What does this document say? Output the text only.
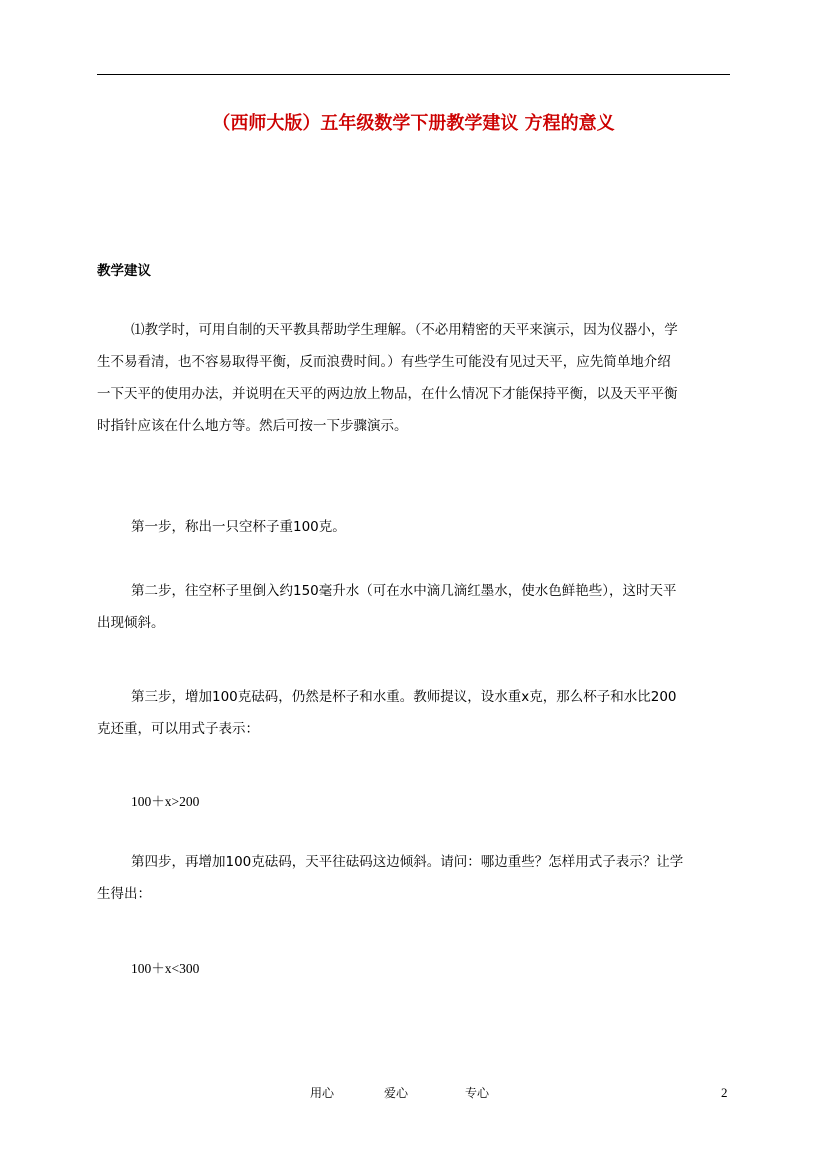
（西师大版）五年级数学下册教学建议 方程的意义
教学建议
⑴教学时，可用自制的天平教具帮助学生理解。（不必用精密的天平来演示，因为仪器小，学
生不易看清，也不容易取得平衡，反而浪费时间。）有些学生可能没有见过天平，应先简单地介绍
一下天平的使用办法，并说明在天平的两边放上物品，在什么情况下才能保持平衡，以及天平平衡
时指针应该在什么地方等。然后可按一下步骤演示。
第一步，称出一只空杯子重100克。
第二步，往空杯子里倒入约150毫升水（可在水中滴几滴红墨水，使水色鲜艳些），这时天平
出现倾斜。
第三步，增加100克砝码，仍然是杯子和水重。教师提议，设水重x克，那么杯子和水比200
克还重，可以用式子表示：
100＋x>200
第四步，再增加100克砝码，天平往砝码这边倾斜。请问：哪边重些？怎样用式子表示？让学
生得出：
100＋x<300
用心	爱心	专心	2
